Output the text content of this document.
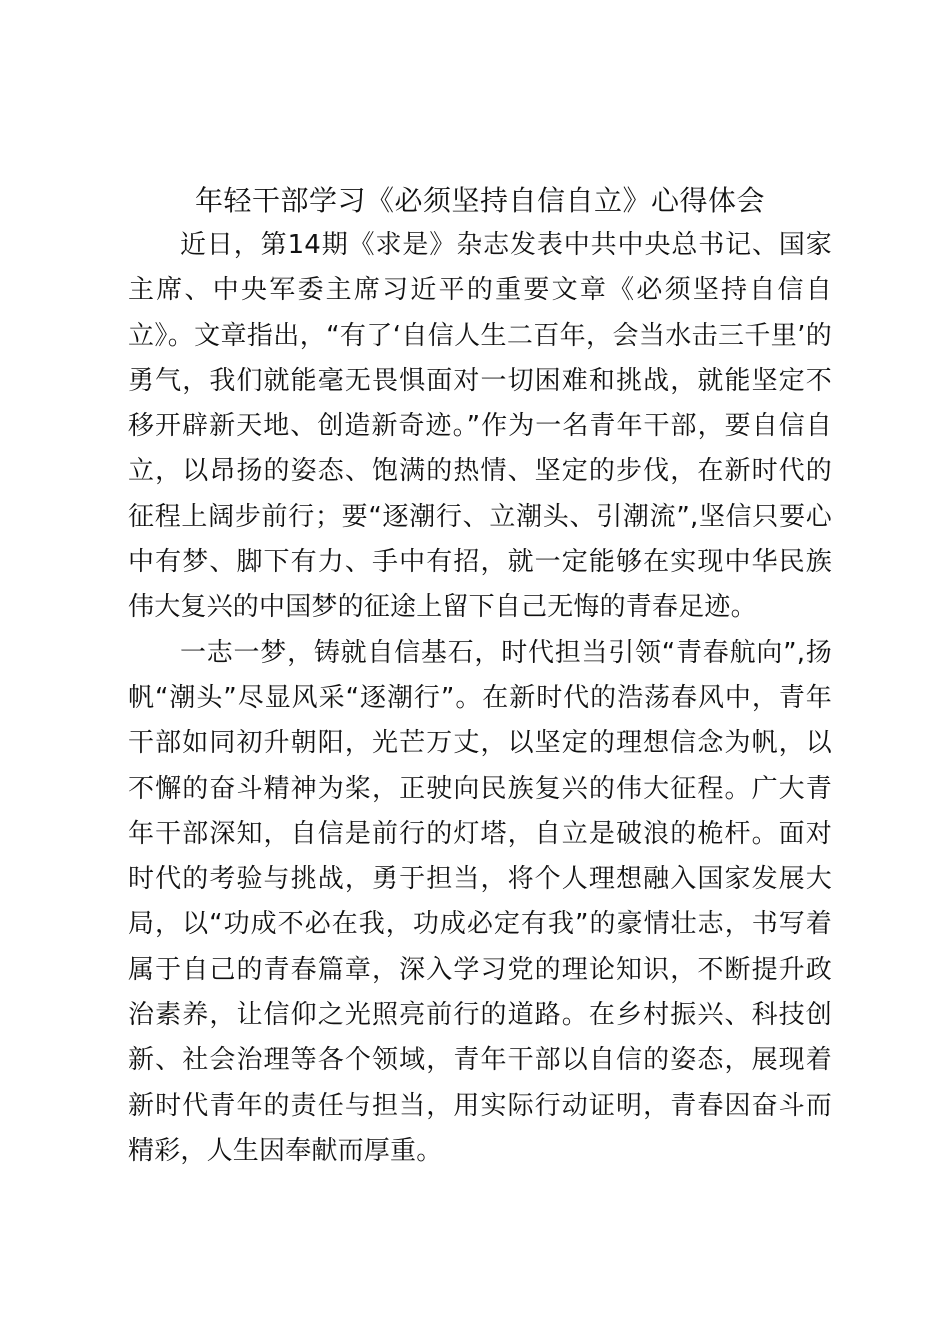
年轻干部学习《必须坚持自信自立》心得体会

近日，第14期《求是》杂志发表中共中央总书记、国家主席、中央军委主席习近平的重要文章《必须坚持自信自立》。文章指出，“有了‘自信人生二百年，会当水击三千里’的勇气，我们就能毫无畏惧面对一切困难和挑战，就能坚定不移开辟新天地、创造新奇迹。”作为一名青年干部，要自信自立，以昂扬的姿态、饱满的热情、坚定的步伐，在新时代的征程上阔步前行；要“逐潮行、立潮头、引潮流”,坚信只要心中有梦、脚下有力、手中有招，就一定能够在实现中华民族伟大复兴的中国梦的征途上留下自己无悔的青春足迹。

一志一梦，铸就自信基石，时代担当引领“青春航向”,扬帆“潮头”尽显风采“逐潮行”。在新时代的浩荡春风中，青年干部如同初升朝阳，光芒万丈，以坚定的理想信念为帆，以不懈的奋斗精神为桨，正驶向民族复兴的伟大征程。广大青年干部深知，自信是前行的灯塔，自立是破浪的桅杆。面对时代的考验与挑战，勇于担当，将个人理想融入国家发展大局，以“功成不必在我，功成必定有我”的豪情壮志，书写着属于自己的青春篇章，深入学习党的理论知识，不断提升政治素养，让信仰之光照亮前行的道路。在乡村振兴、科技创新、社会治理等各个领域，青年干部以自信的姿态，展现着新时代青年的责任与担当，用实际行动证明，青春因奋斗而精彩，人生因奉献而厚重。
